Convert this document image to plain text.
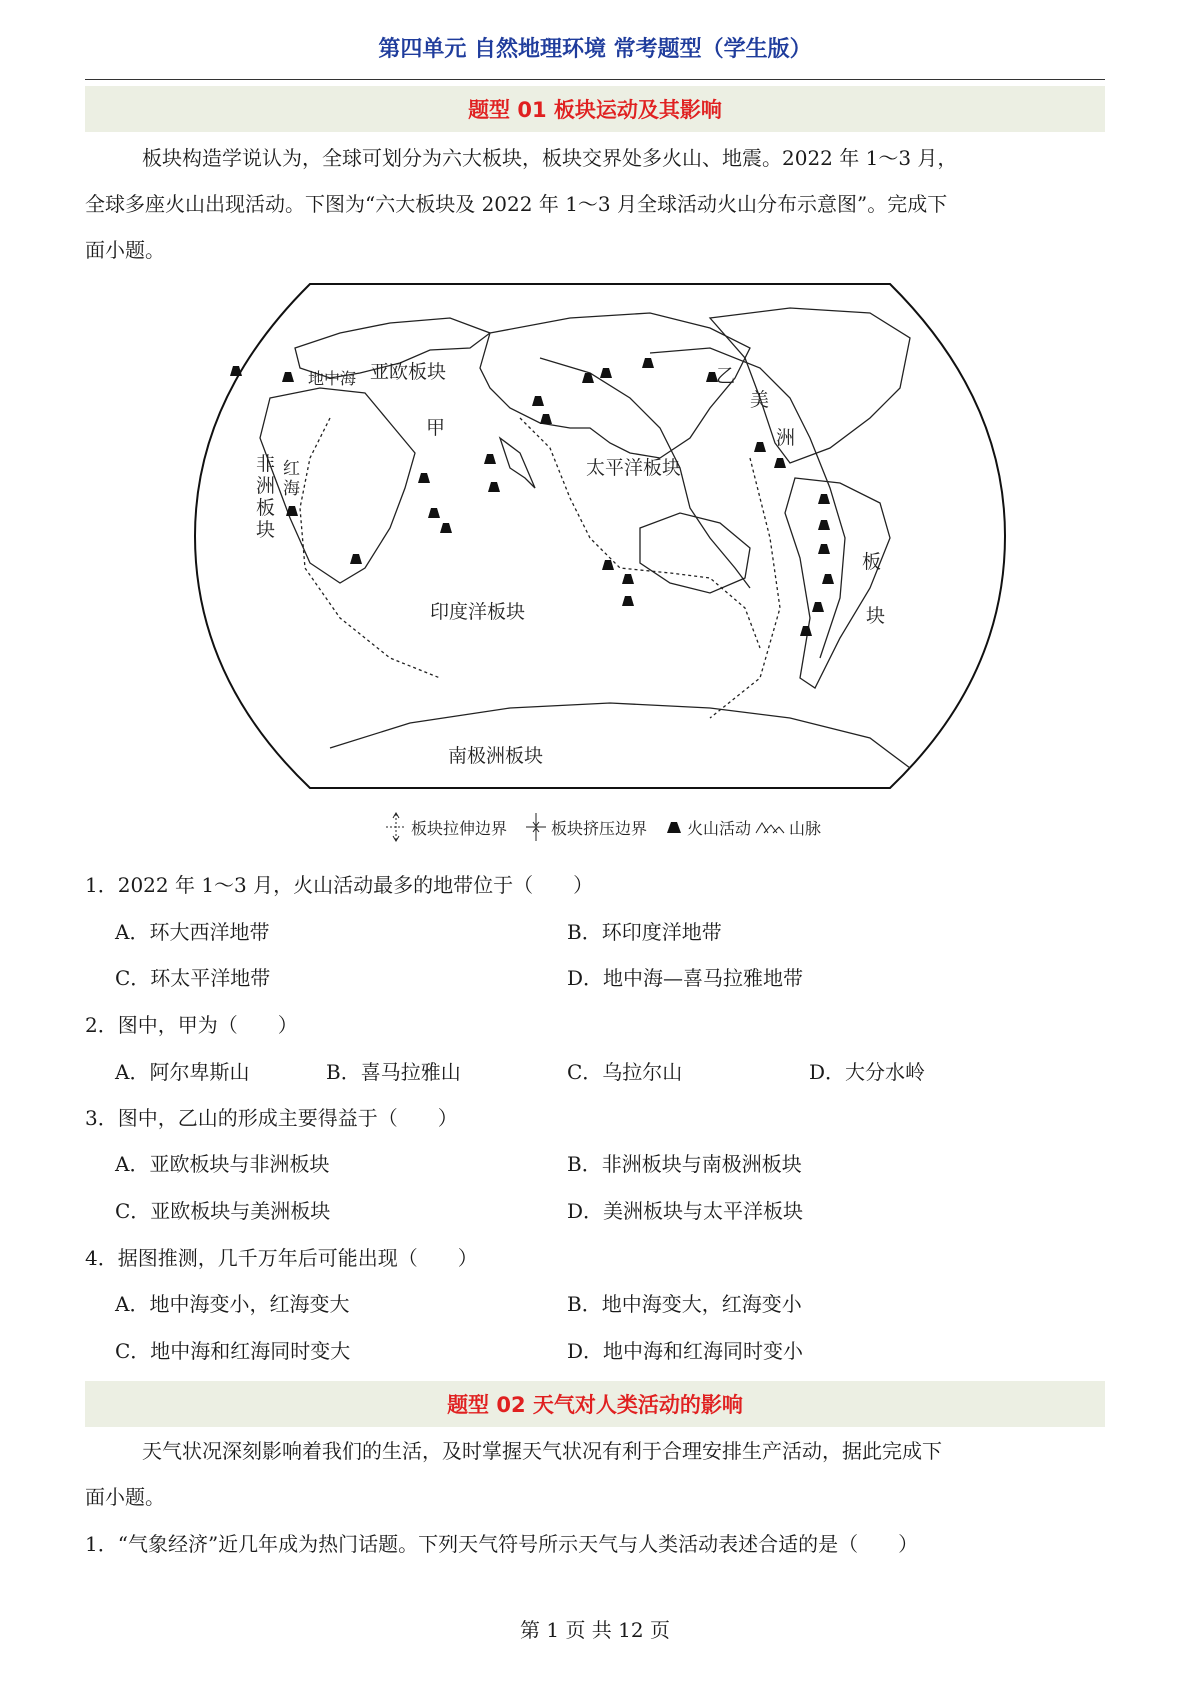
第四单元 自然地理环境 常考题型（学生版）
题型 01 板块运动及其影响
板块构造学说认为，全球可划分为六大板块，板块交界处多火山、地震。2022 年 1～3 月，
全球多座火山出现活动。下图为“六大板块及 2022 年 1～3 月全球活动火山分布示意图”。完成下
面小题。
亚欧板块
地中海
非
洲
板
块
红
海
甲
乙
太平洋板块
印度洋板块
南极洲板块
美
洲
板
块
板块拉伸边界	板块挤压边界	火山活动 山脉
1．2022 年 1～3 月，火山活动最多的地带位于（　　）
A．环大西洋地带	B．环印度洋地带
C．环太平洋地带	D．地中海—喜马拉雅地带
2．图中，甲为（　　）
A．阿尔卑斯山	B．喜马拉雅山	C．乌拉尔山	D．大分水岭
3．图中，乙山的形成主要得益于（　　）
A．亚欧板块与非洲板块	B．非洲板块与南极洲板块
C．亚欧板块与美洲板块	D．美洲板块与太平洋板块
4．据图推测，几千万年后可能出现（　　）
A．地中海变小，红海变大	B．地中海变大，红海变小
C．地中海和红海同时变大	D．地中海和红海同时变小
题型 02 天气对人类活动的影响
天气状况深刻影响着我们的生活，及时掌握天气状况有利于合理安排生产活动，据此完成下
面小题。
1．“气象经济”近几年成为热门话题。下列天气符号所示天气与人类活动表述合适的是（　　）
第 1 页 共 12 页
